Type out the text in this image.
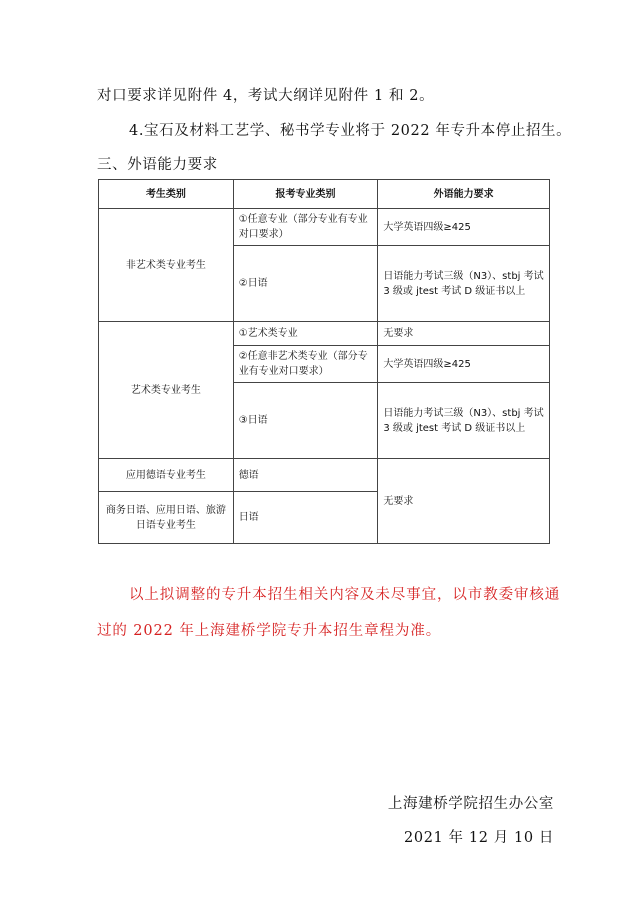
对口要求详见附件 4，考试大纲详见附件 1 和 2。
4.宝石及材料工艺学、秘书学专业将于 2022 年专升本停止招生。
三、外语能力要求
考生类别	报考专业类别	外语能力要求
非艺术类专业考生	①任意专业（部分专业有专业对口要求）	大学英语四级≥425
	②日语	日语能力考试三级（N3）、stbj 考试 3 级或 jtest 考试 D 级证书以上
艺术类专业考生	①艺术类专业	无要求
	②任意非艺术类专业（部分专业有专业对口要求）	大学英语四级≥425
	③日语	日语能力考试三级（N3）、stbj 考试 3 级或 jtest 考试 D 级证书以上
应用德语专业考生	德语	无要求
商务日语、应用日语、旅游日语专业考生	日语	
以上拟调整的专升本招生相关内容及未尽事宜，以市教委审核通
过的 2022 年上海建桥学院专升本招生章程为准。
上海建桥学院招生办公室
2021 年 12 月 10 日
